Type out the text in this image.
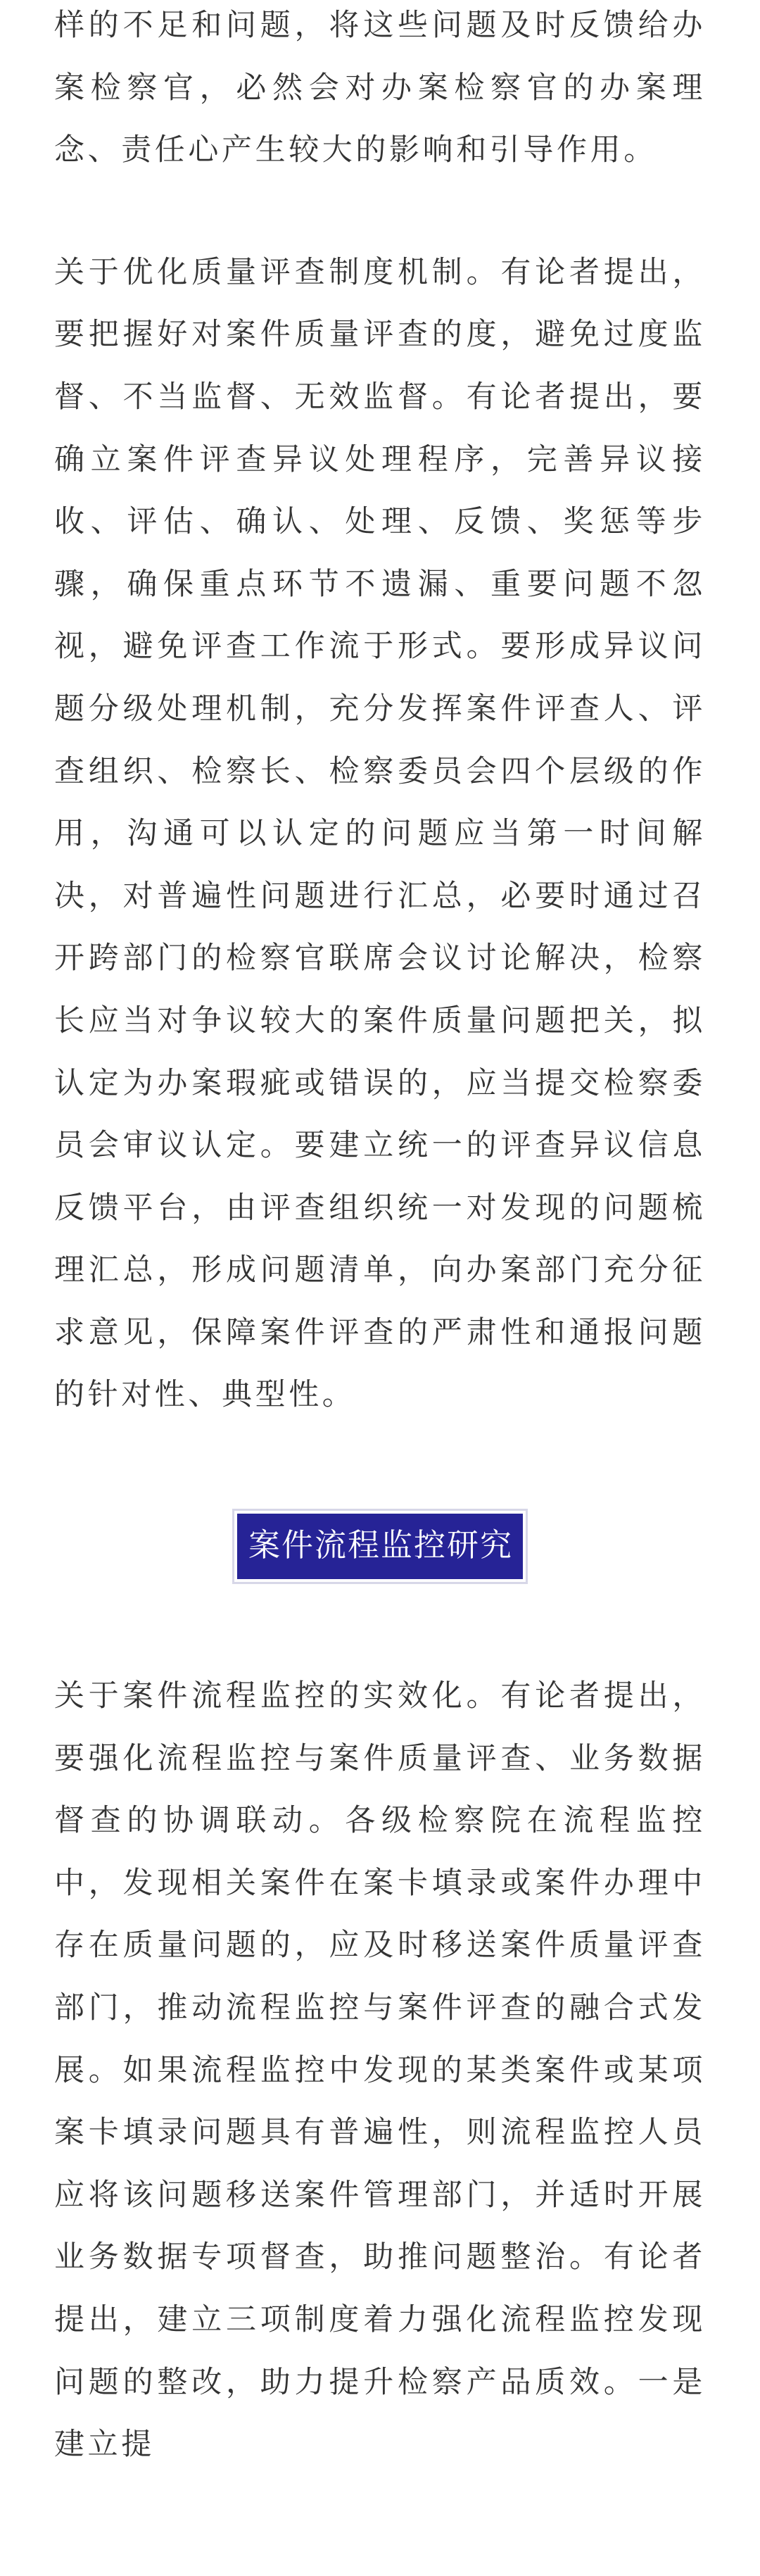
样的不足和问题，将这些问题及时反馈给办案检察官，必然会对办案检察官的办案理念、责任心产生较大的影响和引导作用。

关于优化质量评查制度机制。有论者提出，要把握好对案件质量评查的度，避免过度监督、不当监督、无效监督。有论者提出，要确立案件评查异议处理程序，完善异议接收、评估、确认、处理、反馈、奖惩等步骤，确保重点环节不遗漏、重要问题不忽视，避免评查工作流于形式。要形成异议问题分级处理机制，充分发挥案件评查人、评查组织、检察长、检察委员会四个层级的作用，沟通可以认定的问题应当第一时间解决，对普遍性问题进行汇总，必要时通过召开跨部门的检察官联席会议讨论解决，检察长应当对争议较大的案件质量问题把关，拟认定为办案瑕疵或错误的，应当提交检察委员会审议认定。要建立统一的评查异议信息反馈平台，由评查组织统一对发现的问题梳理汇总，形成问题清单，向办案部门充分征求意见，保障案件评查的严肃性和通报问题的针对性、典型性。

案件流程监控研究

关于案件流程监控的实效化。有论者提出，要强化流程监控与案件质量评查、业务数据督查的协调联动。各级检察院在流程监控中，发现相关案件在案卡填录或案件办理中存在质量问题的，应及时移送案件质量评查部门，推动流程监控与案件评查的融合式发展。如果流程监控中发现的某类案件或某项案卡填录问题具有普遍性，则流程监控人员应将该问题移送案件管理部门，并适时开展业务数据专项督查，助推问题整治。有论者提出，建立三项制度着力强化流程监控发现问题的整改，助力提升检察产品质效。一是建立提
